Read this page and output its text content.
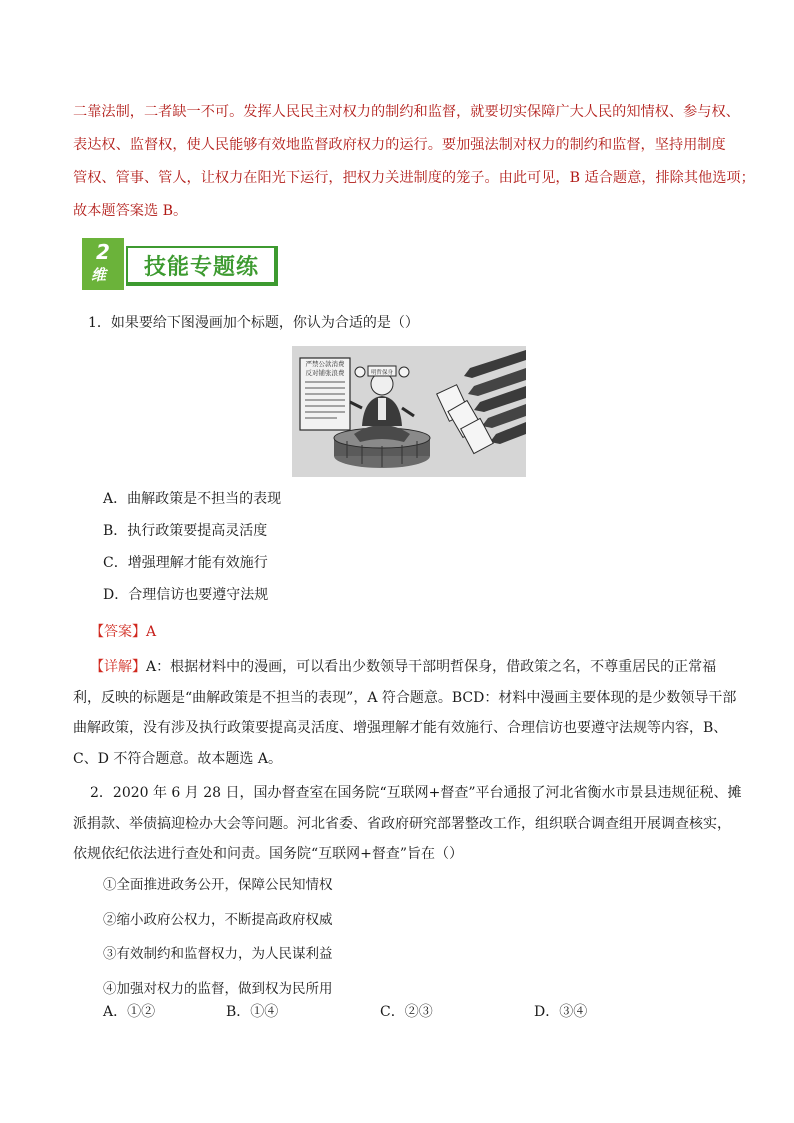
二靠法制，二者缺一不可。发挥人民民主对权力的制约和监督，就要切实保障广大人民的知情权、参与权、
表达权、监督权，使人民能够有效地监督政府权力的运行。要加强法制对权力的制约和监督，坚持用制度
管权、管事、管人，让权力在阳光下运行，把权力关进制度的笼子。由此可见，B 适合题意，排除其他选项；
故本题答案选 B。
2
维 技能专题练
1．如果要给下图漫画加个标题，你认为合适的是（）
严禁公款消费
反对铺张浪费	明哲保身
A．曲解政策是不担当的表现
B．执行政策要提高灵活度
C．增强理解才能有效施行
D．合理信访也要遵守法规
【答案】A
【详解】A：根据材料中的漫画，可以看出少数领导干部明哲保身，借政策之名，不尊重居民的正常福
利，反映的标题是“曲解政策是不担当的表现”，A 符合题意。BCD：材料中漫画主要体现的是少数领导干部
曲解政策，没有涉及执行政策要提高灵活度、增强理解才能有效施行、合理信访也要遵守法规等内容，B、
C、D 不符合题意。故本题选 A。
2．2020 年 6 月 28 日，国办督查室在国务院“互联网+督查”平台通报了河北省衡水市景县违规征税、摊
派捐款、举债搞迎检办大会等问题。河北省委、省政府研究部署整改工作，组织联合调查组开展调查核实，
依规依纪依法进行查处和问责。国务院“互联网+督查”旨在（）
①全面推进政务公开，保障公民知情权
②缩小政府公权力，不断提高政府权威
③有效制约和监督权力，为人民谋利益
④加强对权力的监督，做到权为民所用
A．①②	B．①④	C．②③	D．③④
